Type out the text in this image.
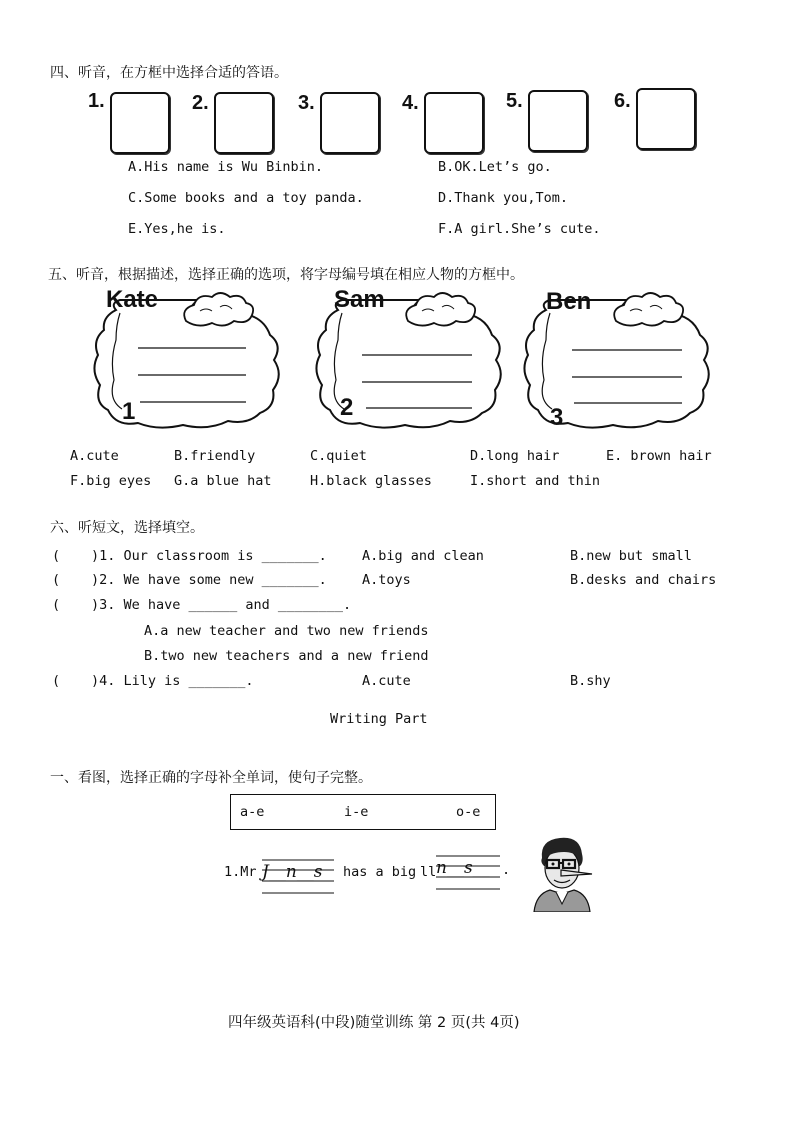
四、听音，在方框中选择合适的答语。
1.	2.	3.	4.	5.	6.
A.His name is Wu Binbin.	B.OK.Let’s go.
C.Some books and a toy panda.	D.Thank you,Tom.
E.Yes,he is.	F.A girl.She’s cute.
五、听音，根据描述，选择正确的选项，将字母编号填在相应人物的方框中。
Kate
1
Sam
2
Ben
3
A.cute	B.friendly	C.quiet	D.long hair	E. brown hair
F.big eyes G.a blue hat	H.black glasses	I.short and thin
六、听短文，选择填空。
( )1. Our classroom is _______.	A.big and clean	B.new but small
( )2. We have some new _______.	A.toys	B.desks and chairs
( )3. We have ______ and ________.
A.a new teacher and two new friends
B.two new teachers and a new friend
( )4. Lily is _______.	A.cute	B.shy
Writing Part
一、看图，选择正确的字母补全单词，使句子完整。
a-e	i-e	o-e
1.Mr J__n__s has a big ll n__s__ .
四年级英语科(中段)随堂训练 第 2 页(共 4页)
